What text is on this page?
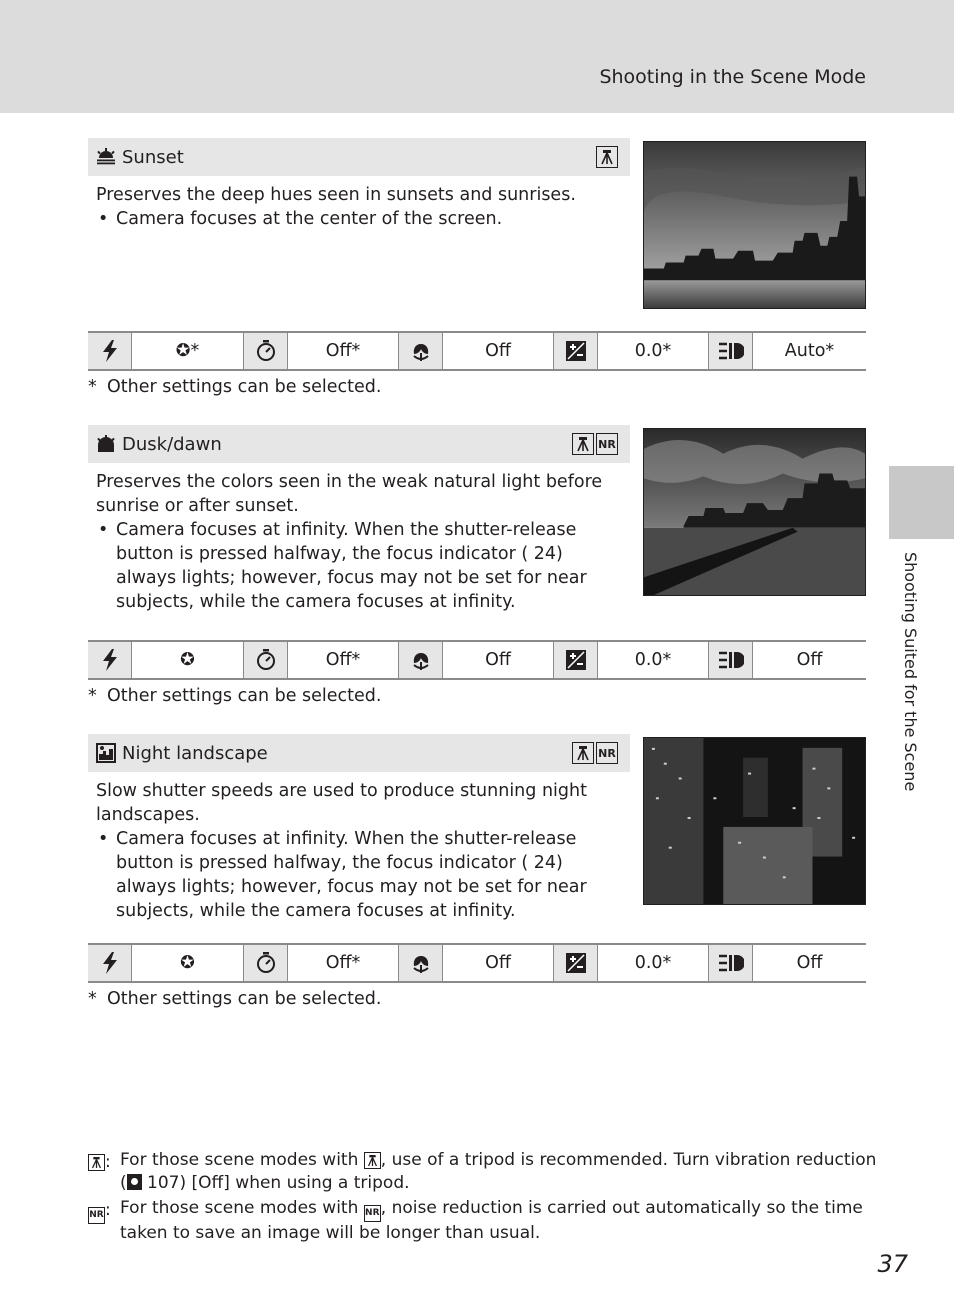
Shooting in the Scene Mode
Shooting Suited for the Scene
Sunset

Preserves the deep hues seen in sunsets and sunrises.

• Camera focuses at the center of the screen.
✪*	Off*	Off	0.0*	Auto*
* Other settings can be selected.
Dusk/dawn	NR

Preserves the colors seen in the weak natural light before sunrise or after sunset.

• Camera focuses at infinity. When the shutter-release button is pressed halfway, the focus indicator ( 24) always lights; however, focus may not be set for near subjects, while the camera focuses at infinity.
✪	Off*	Off	0.0*	Off
* Other settings can be selected.
Night landscape	NR

Slow shutter speeds are used to produce stunning night landscapes.

• Camera focuses at infinity. When the shutter-release button is pressed halfway, the focus indicator ( 24) always lights; however, focus may not be set for near subjects, while the camera focuses at infinity.
✪	Off*	Off	0.0*	Off
* Other settings can be selected.
: For those scene modes with , use of a tripod is recommended. Turn vibration reduction
( 107) [Off] when using a tripod.
NR: For those scene modes with NR, noise reduction is carried out automatically so the time taken to save an image will be longer than usual.
37
